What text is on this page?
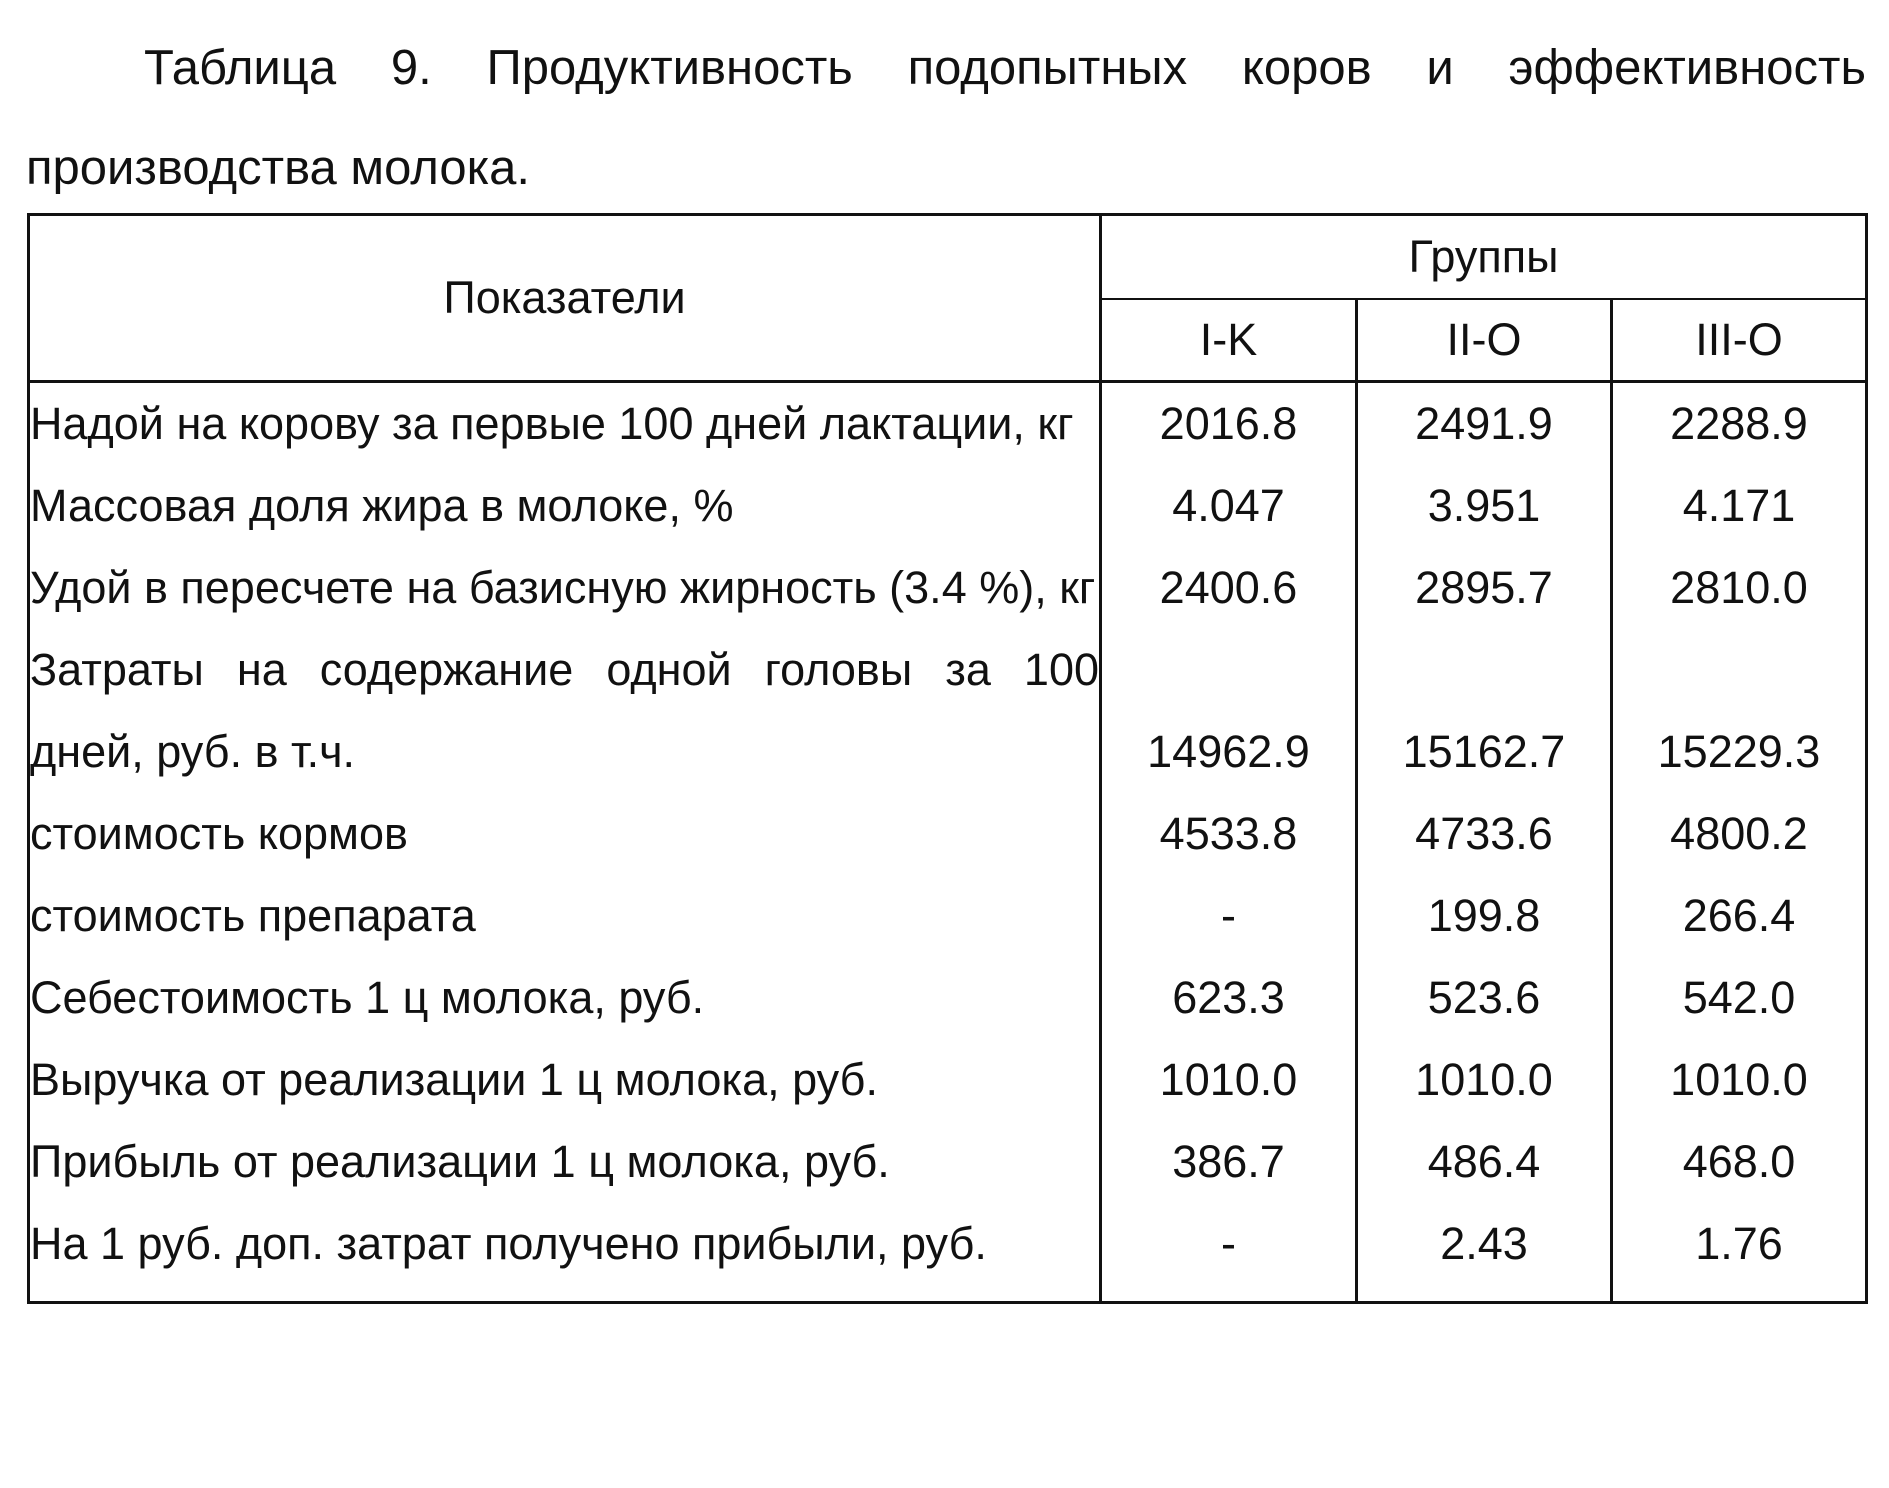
Таблица 9. Продуктивность подопытных коров и эффективность производства молока.

Показатели	Группы		
	I-K	II-O	III-O
Надой на корову за первые 100 дней лактации, кг	2016.8	2491.9	2288.9
Массовая доля жира в молоке, %	4.047	3.951	4.171
Удой в пересчете на базисную жирность (3.4 %), кг	2400.6	2895.7	2810.0
Затраты на содержание одной головы за 100 дней, руб. в т.ч.	14962.9	15162.7	15229.3
стоимость кормов	4533.8	4733.6	4800.2
стоимость препарата	-	199.8	266.4
Себестоимость 1 ц молока, руб.	623.3	523.6	542.0
Выручка от реализации 1 ц молока, руб.	1010.0	1010.0	1010.0
Прибыль от реализации 1 ц молока, руб.	386.7	486.4	468.0
На 1 руб. доп. затрат получено прибыли, руб.	-	2.43	1.76
